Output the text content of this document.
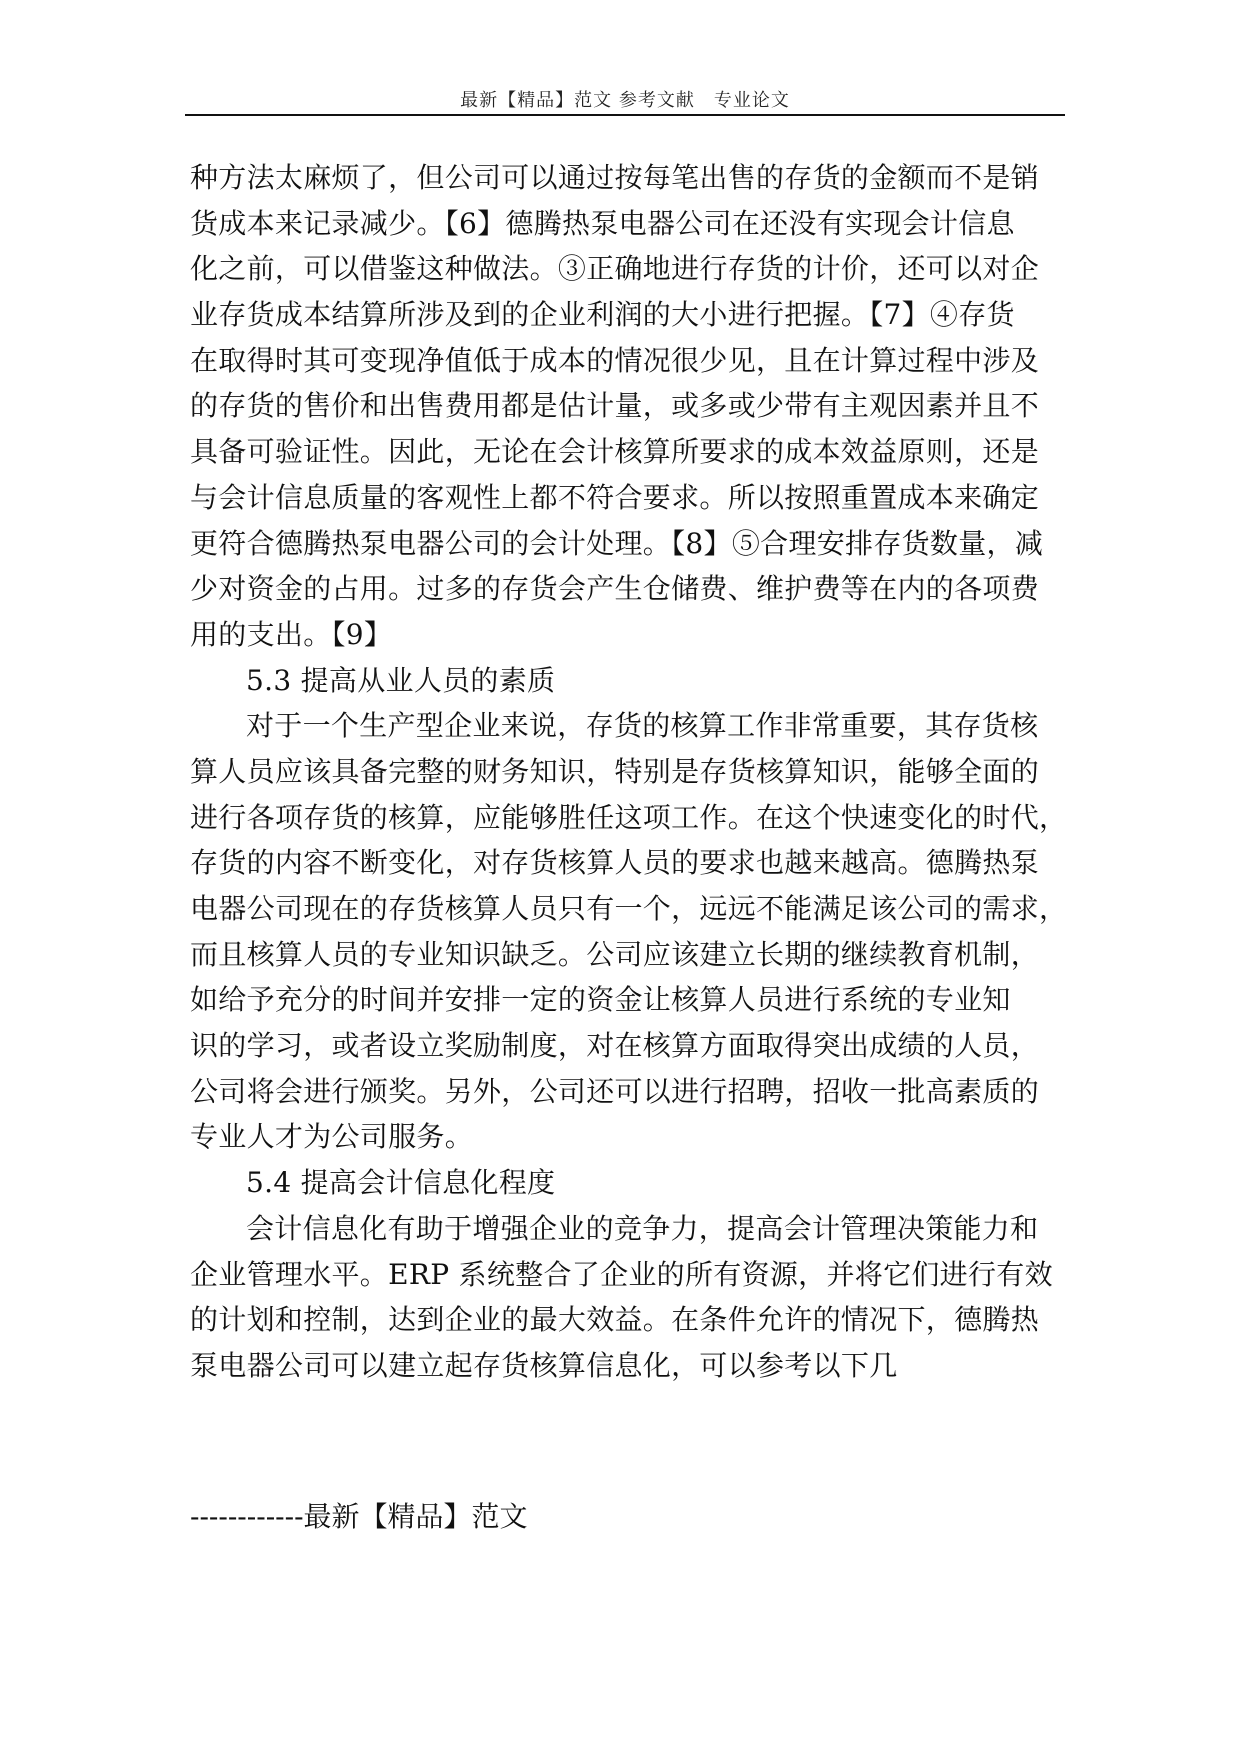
最新【精品】范文 参考文献　专业论文
种方法太麻烦了，但公司可以通过按每笔出售的存货的金额而不是销
货成本来记录减少。【6】德腾热泵电器公司在还没有实现会计信息
化之前，可以借鉴这种做法。③正确地进行存货的计价，还可以对企
业存货成本结算所涉及到的企业利润的大小进行把握。【7】④存货
在取得时其可变现净值低于成本的情况很少见，且在计算过程中涉及
的存货的售价和出售费用都是估计量，或多或少带有主观因素并且不
具备可验证性。因此，无论在会计核算所要求的成本效益原则，还是
与会计信息质量的客观性上都不符合要求。所以按照重置成本来确定
更符合德腾热泵电器公司的会计处理。【8】⑤合理安排存货数量，减
少对资金的占用。过多的存货会产生仓储费、维护费等在内的各项费
用的支出。【9】
5.3 提高从业人员的素质
对于一个生产型企业来说，存货的核算工作非常重要，其存货核
算人员应该具备完整的财务知识，特别是存货核算知识，能够全面的
进行各项存货的核算，应能够胜任这项工作。在这个快速变化的时代，
存货的内容不断变化，对存货核算人员的要求也越来越高。德腾热泵
电器公司现在的存货核算人员只有一个，远远不能满足该公司的需求，
而且核算人员的专业知识缺乏。公司应该建立长期的继续教育机制，
如给予充分的时间并安排一定的资金让核算人员进行系统的专业知
识的学习，或者设立奖励制度，对在核算方面取得突出成绩的人员，
公司将会进行颁奖。另外，公司还可以进行招聘，招收一批高素质的
专业人才为公司服务。
5.4 提高会计信息化程度
会计信息化有助于增强企业的竞争力，提高会计管理决策能力和
企业管理水平。ERP 系统整合了企业的所有资源，并将它们进行有效
的计划和控制，达到企业的最大效益。在条件允许的情况下，德腾热
泵电器公司可以建立起存货核算信息化，可以参考以下几
------------最新【精品】范文
